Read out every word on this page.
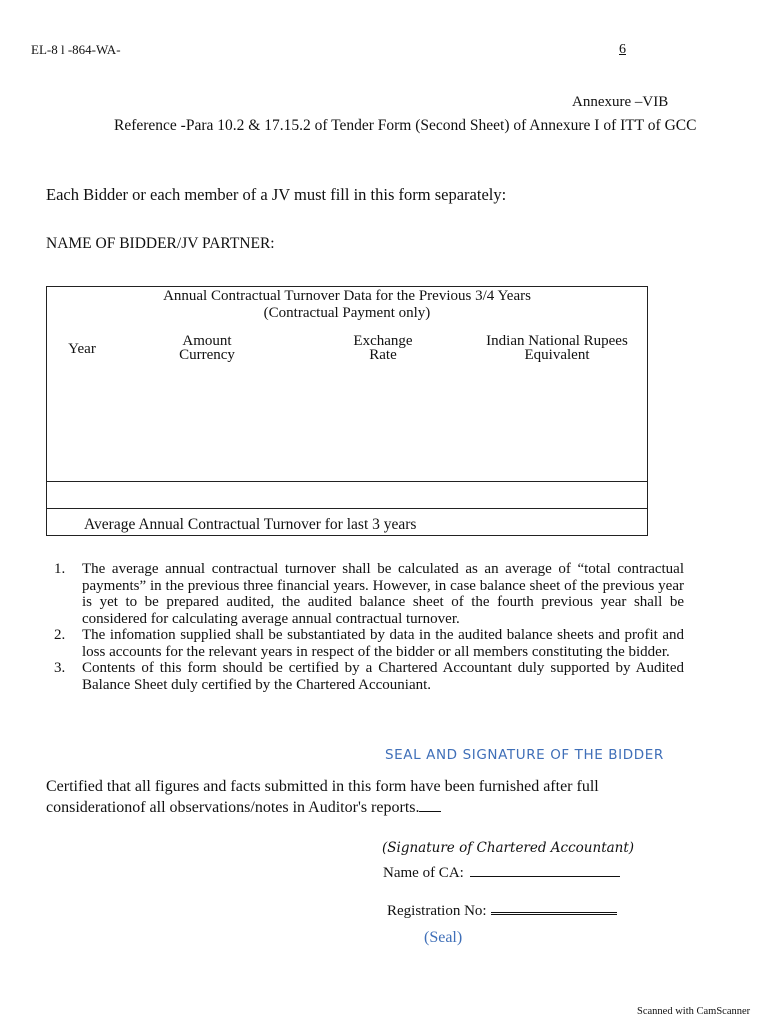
EL-8 l -864-WA-	6
Annexure –VIB
Reference -Para 10.2 & 17.15.2 of Tender Form (Second Sheet) of Annexure I of ITT of GCC
Each Bidder or each member of a JV must fill in this form separately:
NAME OF BIDDER/JV PARTNER:
Annual Contractual Turnover Data for the Previous 3/4 Years
(Contractual Payment only)
Year	Amount
Currency
Exchange
Rate
Indian National Rupees
Equivalent
Average Annual Contractual Turnover for last 3 years
1. The average annual contractual turnover shall be calculated as an average of “total contractual payments” in the previous three financial years. However, in case balance sheet of the previous year is yet to be prepared audited, the audited balance sheet of the fourth previous year shall be considered for calculating average annual contractual turnover.
2. The infomation supplied shall be substantiated by data in the audited balance sheets and profit and loss accounts for the relevant years in respect of the bidder or all members constituting the bidder.
3. Contents of this form should be certified by a Chartered Accountant duly supported by Audited Balance Sheet duly certified by the Chartered Accouniant.
SEAL AND SIGNATURE OF THE BIDDER
Certified that all figures and facts submitted in this form have been furnished after full considerationof all observations/notes in Auditor's reports.
(Signature of Chartered Accountant)
Name of CA:
Registration No:
(Seal)
Scanned with CamScanner
